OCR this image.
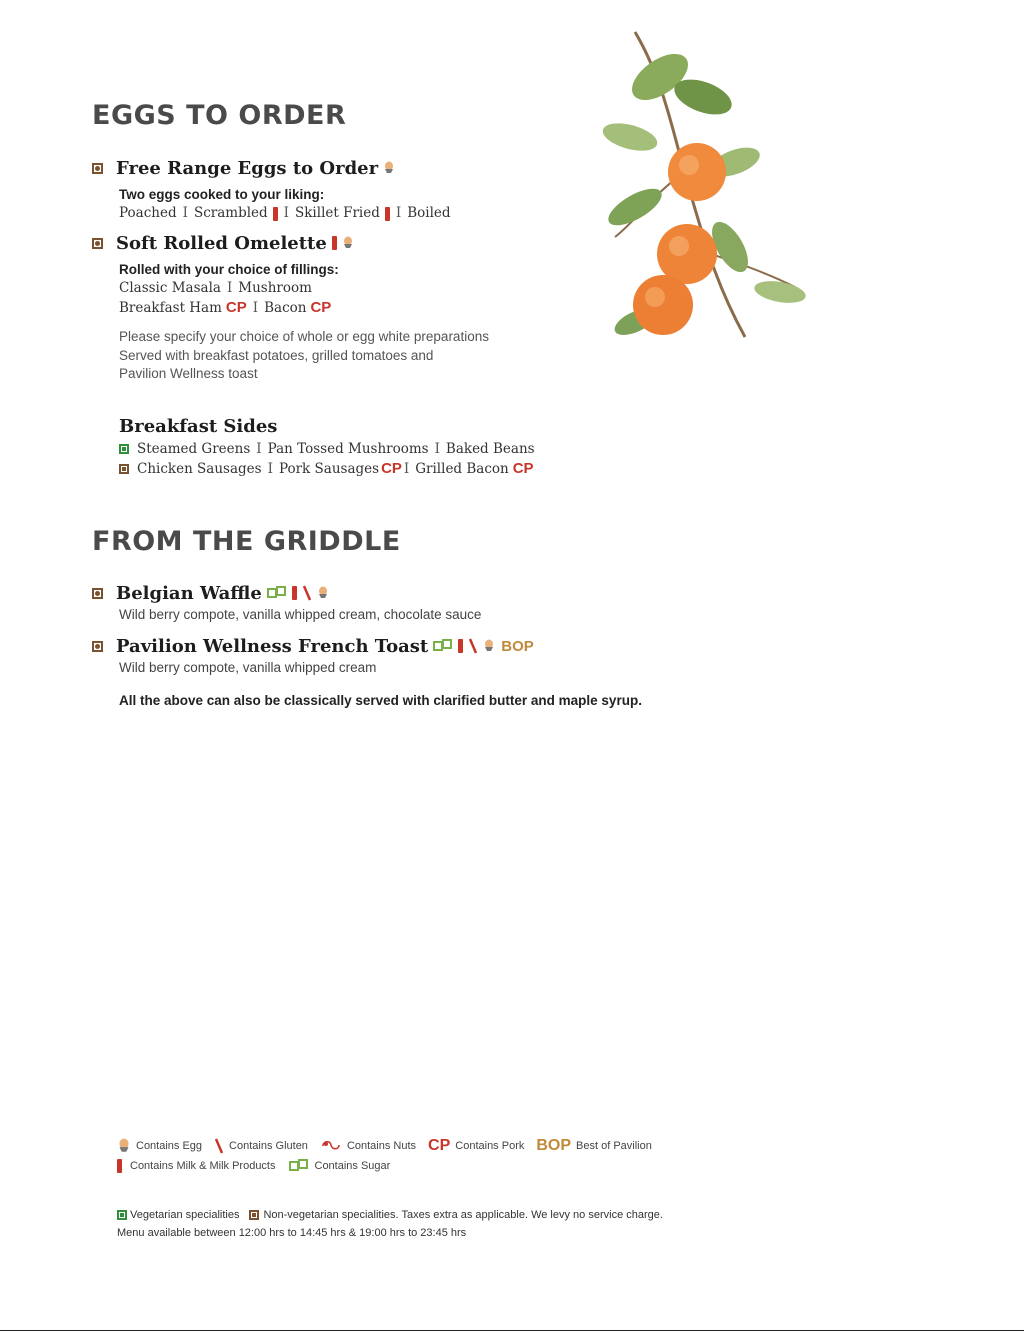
EGGS TO ORDER
Free Range Eggs to Order
Two eggs cooked to your liking:
Poached I Scrambled I Skillet Fried I Boiled
Soft Rolled Omelette
Rolled with your choice of fillings:
Classic Masala I Mushroom
Breakfast Ham CP I Bacon CP
Please specify your choice of whole or egg white preparations
Served with breakfast potatoes, grilled tomatoes and
Pavilion Wellness toast
Breakfast Sides
Steamed Greens I Pan Tossed Mushrooms I Baked Beans
Chicken Sausages I Pork Sausages CP I Grilled Bacon CP
FROM THE GRIDDLE
Belgian Waffle
Wild berry compote, vanilla whipped cream, chocolate sauce
Pavilion Wellness French Toast	BOP
Wild berry compote, vanilla whipped cream
All the above can also be classically served with clarified butter and maple syrup.
Contains Egg Contains Gluten	Contains Nuts CP Contains Pork BOP Best of Pavilion
Contains Milk & Milk Products	Contains Sugar
Vegetarian specialities Non-vegetarian specialities. Taxes extra as applicable. We levy no service charge.
Menu available between 12:00 hrs to 14:45 hrs & 19:00 hrs to 23:45 hrs
